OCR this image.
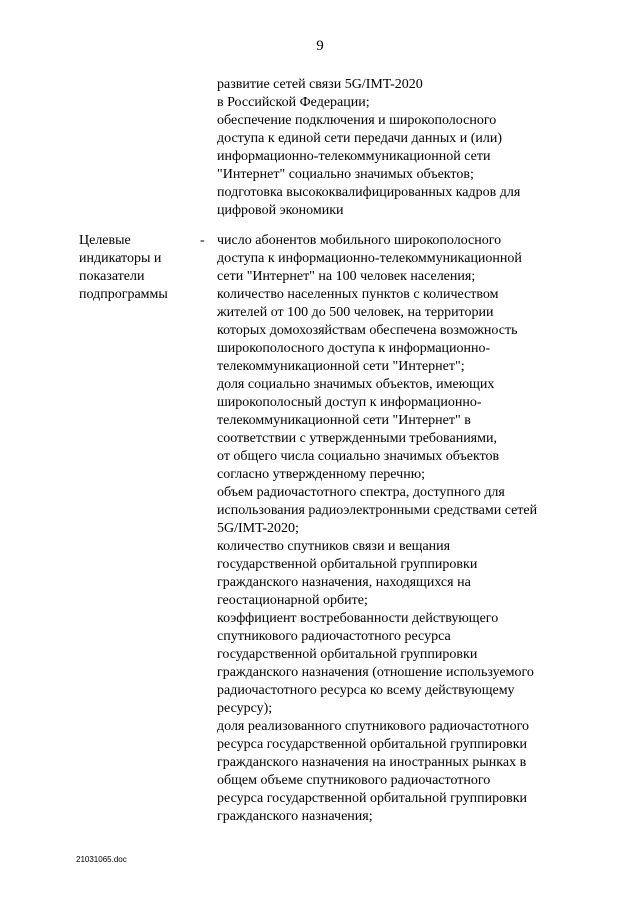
9
развитие сетей связи 5G/IMT-2020
в Российской Федерации;
обеспечение подключения и широкополосного
доступа к единой сети передачи данных и (или)
информационно-телекоммуникационной сети
"Интернет" социально значимых объектов;
подготовка высококвалифицированных кадров для
цифровой экономики
Целевые
индикаторы и
показатели
подпрограммы
- число абонентов мобильного широкополосного
доступа к информационно-телекоммуникационной
сети "Интернет" на 100 человек населения;
количество населенных пунктов с количеством
жителей от 100 до 500 человек, на территории
которых домохозяйствам обеспечена возможность
широкополосного доступа к информационно-
телекоммуникационной сети "Интернет";
доля социально значимых объектов, имеющих
широкополосный доступ к информационно-
телекоммуникационной сети "Интернет" в
соответствии с утвержденными требованиями,
от общего числа социально значимых объектов
согласно утвержденному перечню;
объем радиочастотного спектра, доступного для
использования радиоэлектронными средствами сетей
5G/IMT-2020;
количество спутников связи и вещания
государственной орбитальной группировки
гражданского назначения, находящихся на
геостационарной орбите;
коэффициент востребованности действующего
спутникового радиочастотного ресурса
государственной орбитальной группировки
гражданского назначения (отношение используемого
радиочастотного ресурса ко всему действующему
ресурсу);
доля реализованного спутникового радиочастотного
ресурса государственной орбитальной группировки
гражданского назначения на иностранных рынках в
общем объеме спутникового радиочастотного
ресурса государственной орбитальной группировки
гражданского назначения;
21031065.doc
